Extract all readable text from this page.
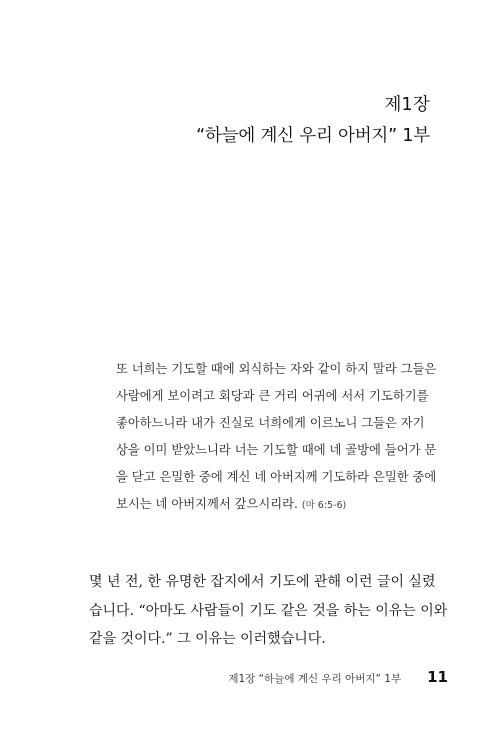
제1장
“하늘에 계신 우리 아버지” 1부

또 너희는 기도할 때에 외식하는 자와 같이 하지 말라 그들은

사람에게 보이려고 회당과 큰 거리 어귀에 서서 기도하기를

좋아하느니라 내가 진실로 너희에게 이르노니 그들은 자기

상을 이미 받았느니라 너는 기도할 때에 네 골방에 들어가 문

을 닫고 은밀한 중에 계신 네 아버지께 기도하라 은밀한 중에

보시는 네 아버지께서 갚으시리라. (마 6:5-6)

몇 년 전, 한 유명한 잡지에서 기도에 관해 이런 글이 실렸

습니다. “아마도 사람들이 기도 같은 것을 하는 이유는 이와

같을 것이다.” 그 이유는 이러했습니다.

제1장 “하늘에 계신 우리 아버지” 1부 11
